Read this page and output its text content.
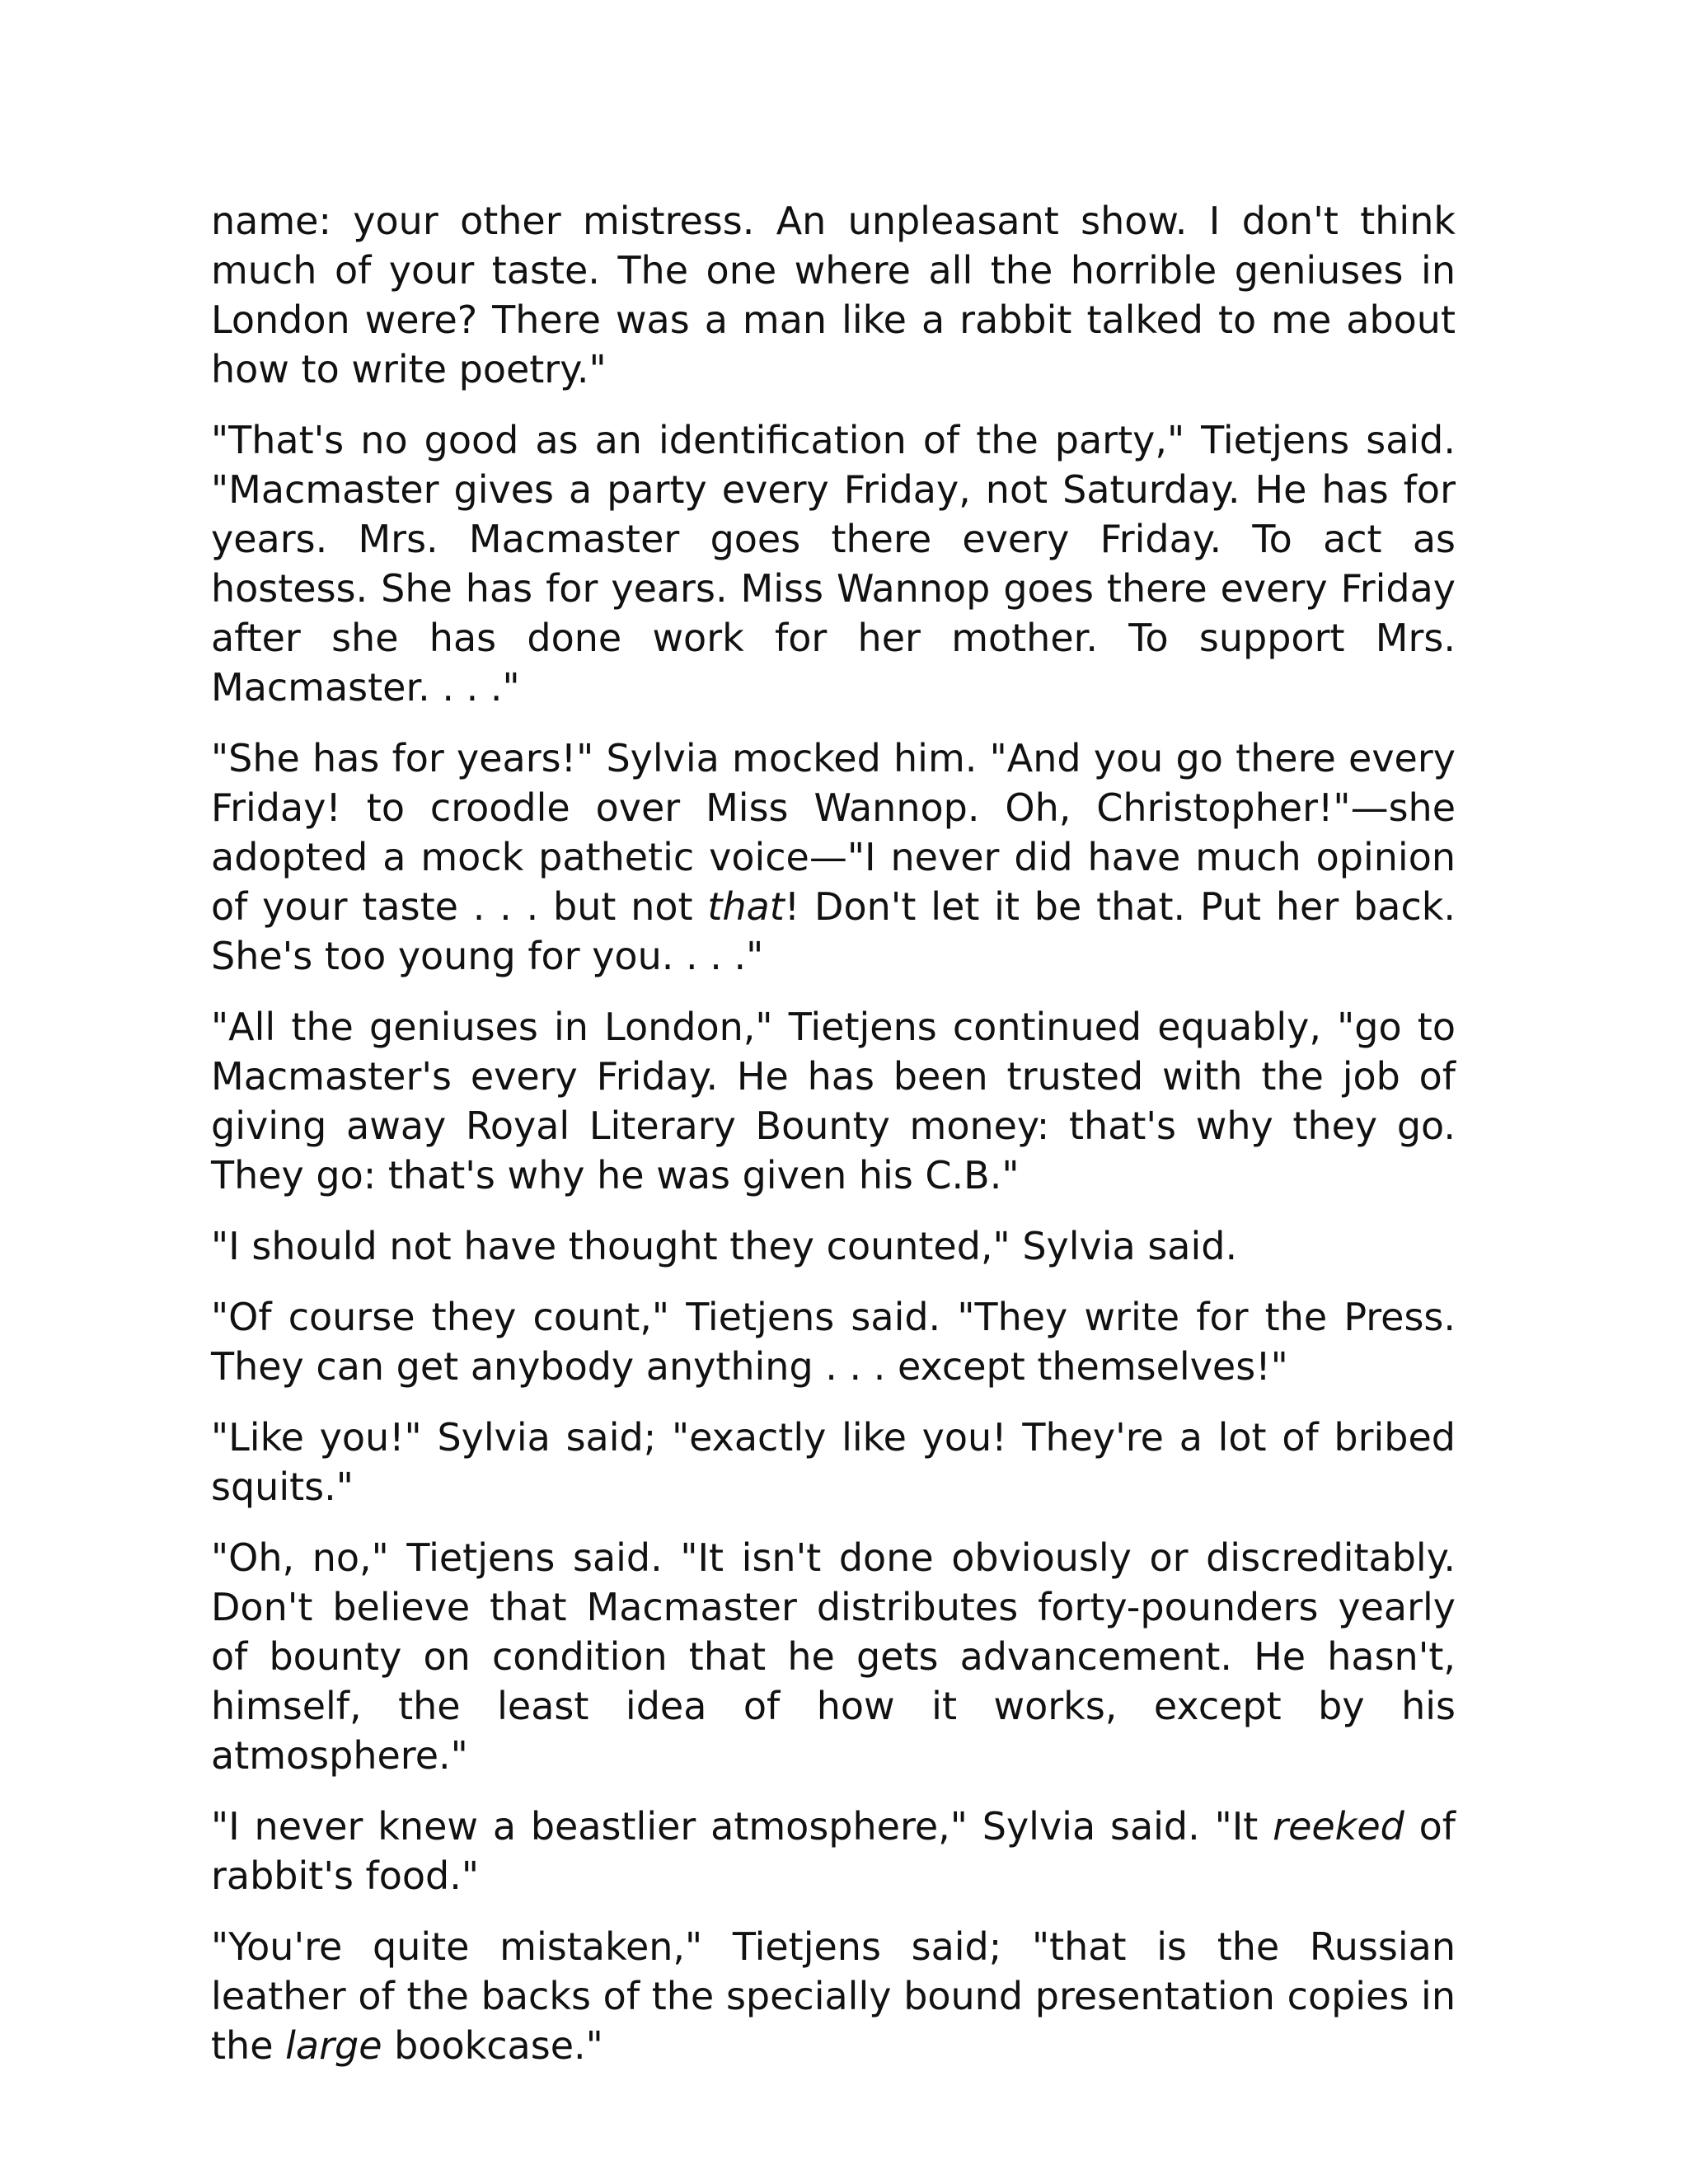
name: your other mistress. An unpleasant show. I don't think much of your taste. The one where all the horrible geniuses in London were? There was a man like a rabbit talked to me about how to write poetry."

"That's no good as an identification of the party," Tietjens said. "Macmaster gives a party every Friday, not Saturday. He has for years. Mrs. Macmaster goes there every Friday. To act as hostess. She has for years. Miss Wannop goes there every Friday after she has done work for her mother. To support Mrs. Macmaster. . . ."

"She has for years!" Sylvia mocked him. "And you go there every Friday! to croodle over Miss Wannop. Oh, Christopher!"—she adopted a mock pathetic voice—"I never did have much opinion of your taste . . . but not that! Don't let it be that. Put her back. She's too young for you. . . ."

"All the geniuses in London," Tietjens continued equably, "go to Macmaster's every Friday. He has been trusted with the job of giving away Royal Literary Bounty money: that's why they go. They go: that's why he was given his C.B."

"I should not have thought they counted," Sylvia said.

"Of course they count," Tietjens said. "They write for the Press. They can get anybody anything . . . except themselves!"

"Like you!" Sylvia said; "exactly like you! They're a lot of bribed squits."

"Oh, no," Tietjens said. "It isn't done obviously or discreditably. Don't believe that Macmaster distributes forty-pounders yearly of bounty on condition that he gets advancement. He hasn't, himself, the least idea of how it works, except by his atmosphere."

"I never knew a beastlier atmosphere," Sylvia said. "It reeked of rabbit's food."

"You're quite mistaken," Tietjens said; "that is the Russian leather of the backs of the specially bound presentation copies in the large bookcase."
